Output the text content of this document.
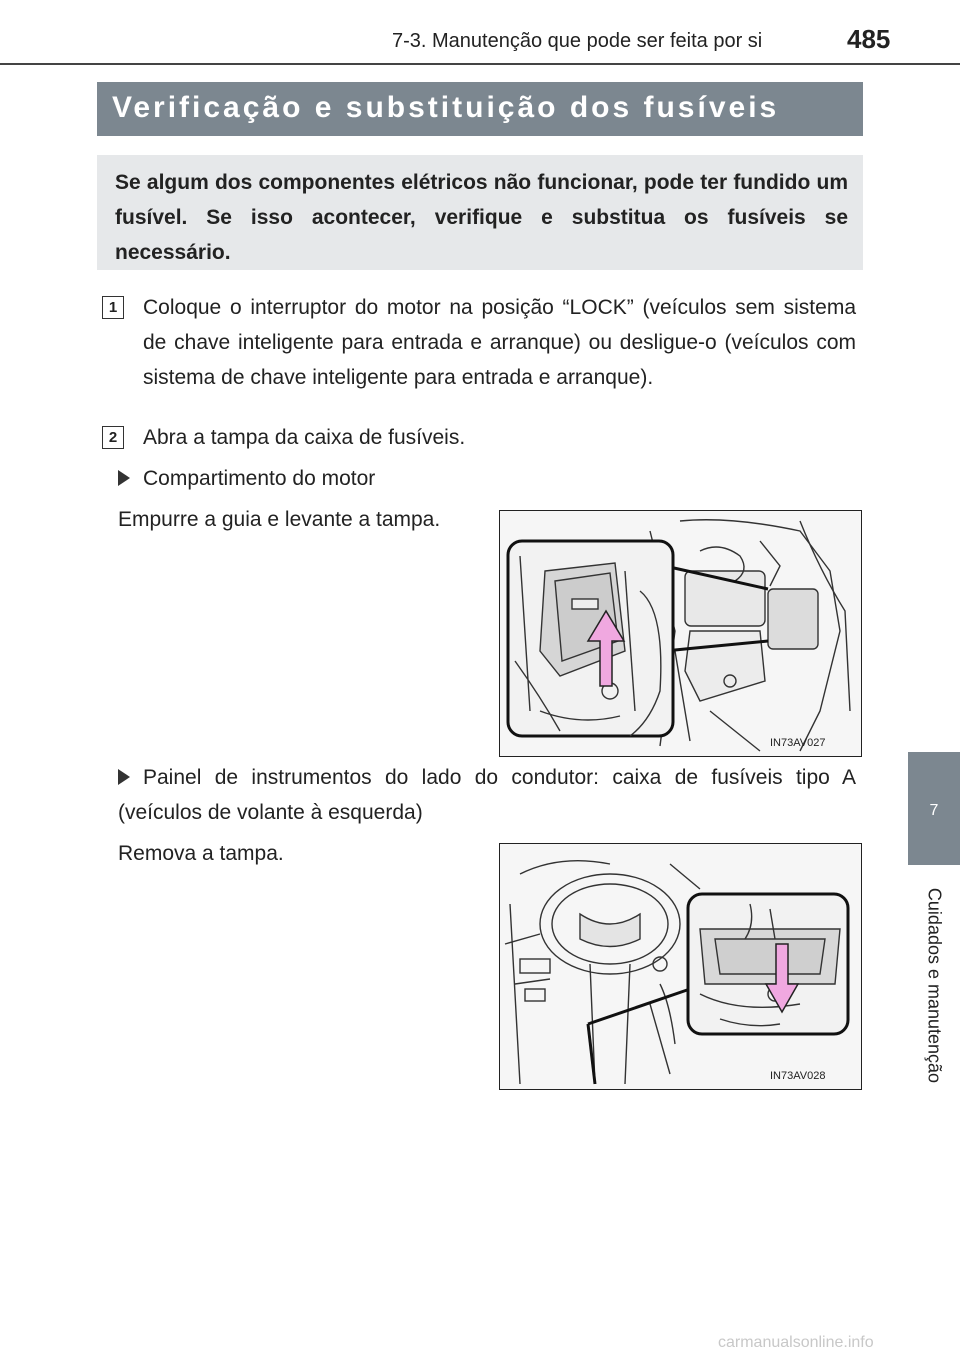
7-3. Manutenção que pode ser feita por si	485
Verificação e substituição dos fusíveis
Se algum dos componentes elétricos não funcionar, pode ter fundido um fusível. Se isso acontecer, verifique e substitua os fusíveis se necessário.
1	Coloque o interruptor do motor na posição “LOCK” (veículos sem sistema de chave inteligente para entrada e arranque) ou desligue-o (veículos com sistema de chave inteligente para entrada e arranque).
2	Abra a tampa da caixa de fusíveis.
Compartimento do motor
Empurre a guia e levante a tampa.
IN73AV027
Painel de instrumentos do lado do condutor: caixa de fusíveis tipo A (veículos de volante à esquerda)
Remova a tampa.
IN73AV028
7
Cuidados e manutenção
carmanualsonline.info
